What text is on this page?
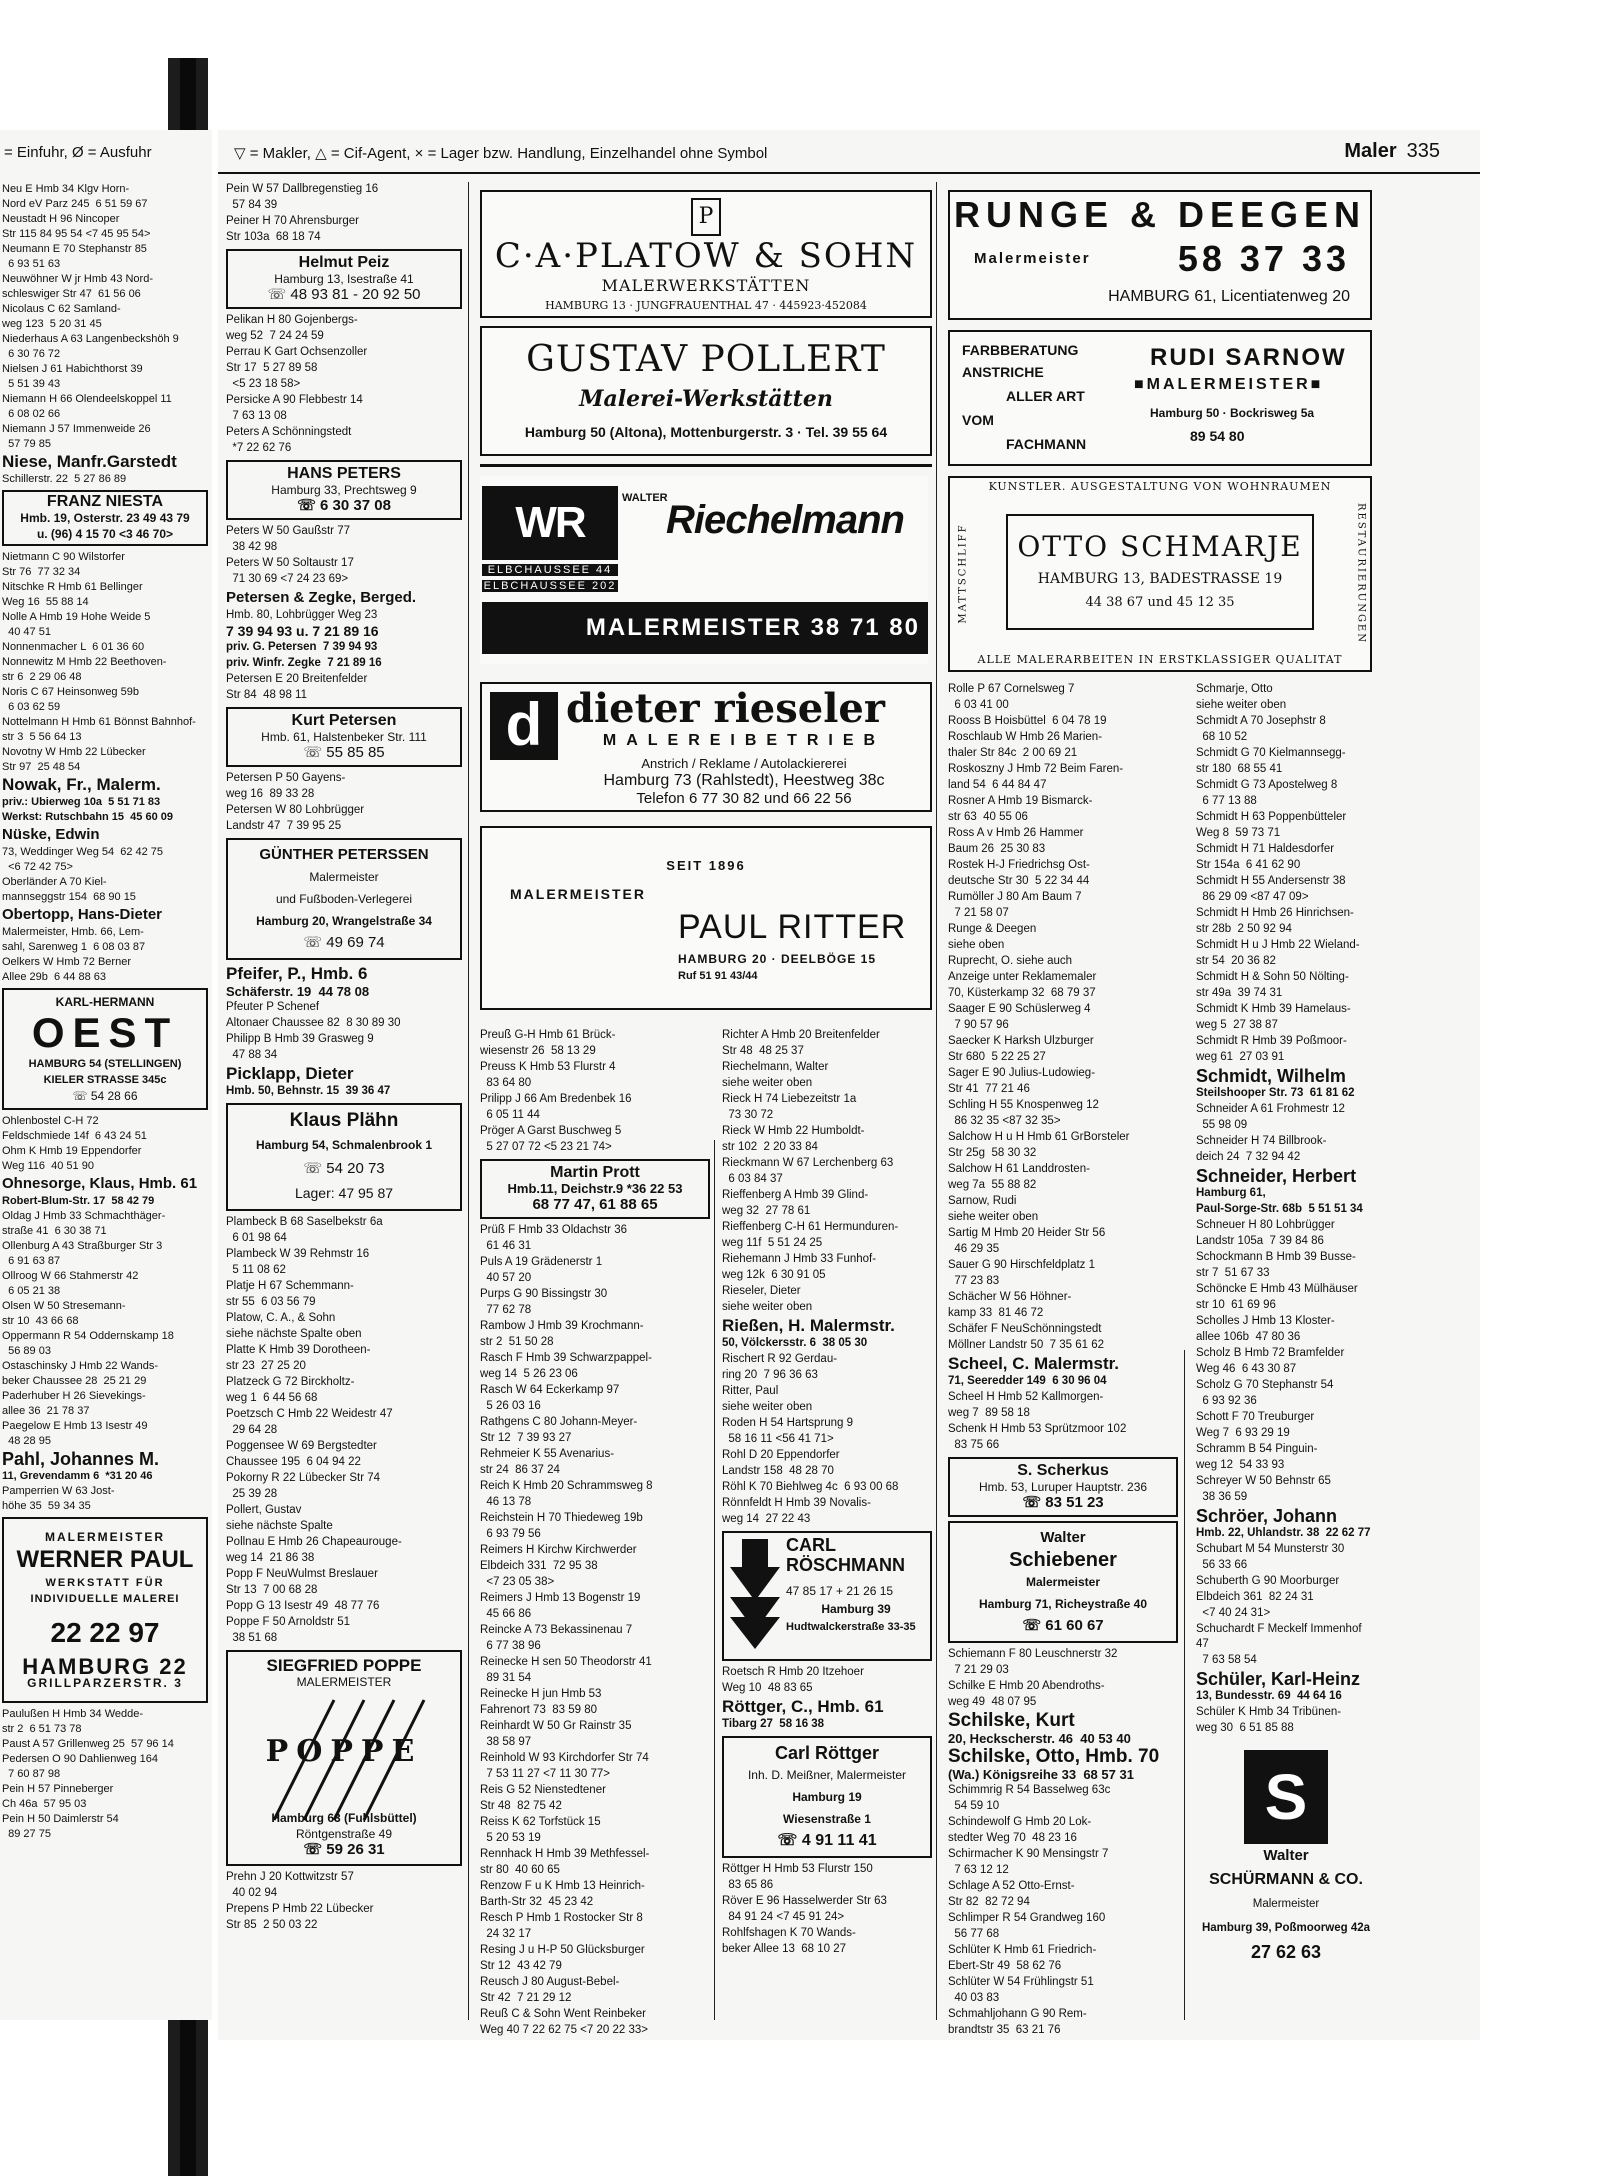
= Einfuhr, Ø = Ausfuhr
Neu E Hmb 34 Klgv Horn-
Nord eV Parz 245  6 51 59 67
Neustadt H 96 Nincoper
Str 115 84 95 54 <7 45 95 54>
Neumann E 70 Stephanstr 85
6 93 51 63
Neuwöhner W jr Hmb 43 Nord-
schleswiger Str 47  61 56 06
Nicolaus C 62 Samland-
weg 123  5 20 31 45
Niederhaus A 63 Langenbeckshöh 9
6 30 76 72
Nielsen J 61 Habichthorst 39
5 51 39 43
Niemann H 66 Olendeelskoppel 11
6 08 02 66
Niemann J 57 Immenweide 26
57 79 85
Niese, Manfr.Garstedt
Schillerstr. 22  5 27 86 89
FRANZ NIESTA
Hmb. 19, Osterstr. 23 49 43 79
u. (96) 4 15 70 <3 46 70>
Nietmann C 90 Wilstorfer
Str 76  77 32 34
Nitschke R Hmb 61 Bellinger
Weg 16  55 88 14
Nolle A Hmb 19 Hohe Weide 5
40 47 51
Nonnenmacher L  6 01 36 60
Nonnewitz M Hmb 22 Beethoven-
str 6  2 29 06 48
Noris C 67 Heinsonweg 59b
6 03 62 59
Nottelmann H Hmb 61 Bönnst Bahnhof-
str 3  5 56 64 13
Novotny W Hmb 22 Lübecker
Str 97  25 48 54
Nowak, Fr., Malerm.
priv.: Ubierweg 10a  5 51 71 83
Werkst: Rutschbahn 15  45 60 09
Nüske, Edwin
73, Weddinger Weg 54  62 42 75
<6 72 42 75>
Oberländer A 70 Kiel-
mannseggstr 154  68 90 15
Obertopp, Hans-Dieter
Malermeister, Hmb. 66, Lem-
sahl, Sarenweg 1  6 08 03 87
Oelkers W Hmb 72 Berner
Allee 29b  6 44 88 63
KARL-HERMANN
OEST
HAMBURG 54 (STELLINGEN)
KIELER STRASSE 345c
☏ 54 28 66
Ohlenbostel C-H 72
Feldschmiede 14f  6 43 24 51
Ohm K Hmb 19 Eppendorfer
Weg 116  40 51 90
Ohnesorge, Klaus, Hmb. 61
Robert-Blum-Str. 17  58 42 79
Oldag J Hmb 33 Schmachthäger-
straße 41  6 30 38 71
Ollenburg A 43 Straßburger Str 3
6 91 63 87
Ollroog W 66 Stahmerstr 42
6 05 21 38
Olsen W 50 Stresemann-
str 10  43 66 68
Oppermann R 54 Oddernskamp 18
56 89 03
Ostaschinsky J Hmb 22 Wands-
beker Chaussee 28  25 21 29
Paderhuber H 26 Sievekings-
allee 36  21 78 37
Paegelow E Hmb 13 Isestr 49
48 28 95
Pahl, Johannes M.
11, Grevendamm 6  *31 20 46
Pamperrien W 63 Jost-
höhe 35  59 34 35
MALERMEISTER
WERNER PAUL
WERKSTATT FÜR
INDIVIDUELLE MALEREI
22 22 97
HAMBURG 22
GRILLPARZERSTR. 3
Paulußen H Hmb 34 Wedde-
str 2  6 51 73 78
Paust A 57 Grillenweg 25  57 96 14
Pedersen O 90 Dahlienweg 164
7 60 87 98
Pein H 57 Pinneberger
Ch 46a  57 95 03
Pein H 50 Daimlerstr 54
89 27 75
▽ = Makler, △ = Cif-Agent, × = Lager bzw. Handlung, Einzelhandel ohne Symbol	Maler 335
Pein W 57 Dallbregenstieg 16
57 84 39
Peiner H 70 Ahrensburger
Str 103a  68 18 74
Helmut Peiz
Hamburg 13, Isestraße 41
☏ 48 93 81 - 20 92 50
Pelikan H 80 Gojenbergs-
weg 52  7 24 24 59
Perrau K Gart Ochsenzoller
Str 17  5 27 89 58
<5 23 18 58>
Persicke A 90 Flebbestr 14
7 63 13 08
Peters A Schönningstedt
*7 22 62 76
HANS PETERS
Hamburg 33, Prechtsweg 9
☏ 6 30 37 08
Peters W 50 Gaußstr 77
38 42 98
Peters W 50 Soltaustr 17
71 30 69 <7 24 23 69>
Petersen & Zegke, Berged.
Hmb. 80, Lohbrügger Weg 23
7 39 94 93 u. 7 21 89 16
priv. G. Petersen  7 39 94 93
priv. Winfr. Zegke  7 21 89 16
Petersen E 20 Breitenfelder
Str 84  48 98 11
Kurt Petersen
Hmb. 61, Halstenbeker Str. 111
☏ 55 85 85
Petersen P 50 Gayens-
weg 16  89 33 28
Petersen W 80 Lohbrügger
Landstr 47  7 39 95 25
GÜNTHER PETERSSEN
Malermeister
und Fußboden-Verlegerei
Hamburg 20, Wrangelstraße 34
☏ 49 69 74
Pfeifer, P., Hmb. 6
Schäferstr. 19  44 78 08
Pfeuter P Schenef
Altonaer Chaussee 82  8 30 89 30
Philipp B Hmb 39 Grasweg 9
47 88 34
Picklapp, Dieter
Hmb. 50, Behnstr. 15  39 36 47
Klaus Plähn
Hamburg 54, Schmalenbrook 1
☏ 54 20 73
Lager: 47 95 87
Plambeck B 68 Saselbekstr 6a
6 01 98 64
Plambeck W 39 Rehmstr 16
5 11 08 62
Platje H 67 Schemmann-
str 55  6 03 56 79
Platow, C. A., & Sohn
siehe nächste Spalte oben
Platte K Hmb 39 Dorotheen-
str 23  27 25 20
Platzeck G 72 Birckholtz-
weg 1  6 44 56 68
Poetzsch C Hmb 22 Weidestr 47
29 64 28
Poggensee W 69 Bergstedter
Chaussee 195  6 04 94 22
Pokorny R 22 Lübecker Str 74
25 39 28
Pollert, Gustav
siehe nächste Spalte
Pollnau E Hmb 26 Chapeaurouge-
weg 14  21 86 38
Popp F NeuWulmst Breslauer
Str 13  7 00 68 28
Popp G 13 Isestr 49  48 77 76
Poppe F 50 Arnoldstr 51
38 51 68
SIEGFRIED POPPE
MALERMEISTER
POPPE
Hamburg 63 (Fuhlsbüttel)
Röntgenstraße 49
☏ 59 26 31
Prehn J 20 Kottwitzstr 57
40 02 94
Prepens P Hmb 22 Lübecker
Str 85  2 50 03 22
P
C·A·PLATOW & SOHN
MALERWERKSTÄTTEN
HAMBURG 13 · JUNGFRAUENTHAL 47 · 445923·452084
GUSTAV POLLERT
Malerei-Werkstätten
Hamburg 50 (Altona), Mottenburgerstr. 3 · Tel. 39 55 64
WR	WALTER
Riechelmann
ELBCHAUSSEE 44
ELBCHAUSSEE 202
MALERMEISTER 38 71 80
d dieter rieseler
MALEREIBETRIEB
Anstrich / Reklame / Autolackiererei
Hamburg 73 (Rahlstedt), Heestweg 38c
Telefon 6 77 30 82 und 66 22 56
SEIT 1896
MALERMEISTER
PAUL RITTER
HAMBURG 20 · DEELBÖGE 15
Ruf 51 91 43/44
Preuß G-H Hmb 61 Brück-
wiesenstr 26  58 13 29
Preuss K Hmb 53 Flurstr 4
83 64 80
Prilipp J 66 Am Bredenbek 16
6 05 11 44
Pröger A Garst Buschweg 5
5 27 07 72 <5 23 21 74>
Martin Prott
Hmb.11, Deichstr.9 *36 22 53
68 77 47, 61 88 65
Prüß F Hmb 33 Oldachstr 36
61 46 31
Puls A 19 Grädenerstr 1
40 57 20
Purps G 90 Bissingstr 30
77 62 78
Rambow J Hmb 39 Krochmann-
str 2  51 50 28
Rasch F Hmb 39 Schwarzpappel-
weg 14  5 26 23 06
Rasch W 64 Eckerkamp 97
5 26 03 16
Rathgens C 80 Johann-Meyer-
Str 12  7 39 93 27
Rehmeier K 55 Avenarius-
str 24  86 37 24
Reich K Hmb 20 Schrammsweg 8
46 13 78
Reichstein H 70 Thiedeweg 19b
6 93 79 56
Reimers H Kirchw Kirchwerder
Elbdeich 331  72 95 38
<7 23 05 38>
Reimers J Hmb 13 Bogenstr 19
45 66 86
Reincke A 73 Bekassinenau 7
6 77 38 96
Reinecke H sen 50 Theodorstr 41
89 31 54
Reinecke H jun Hmb 53
Fahrenort 73  83 59 80
Reinhardt W 50 Gr Rainstr 35
38 58 97
Reinhold W 93 Kirchdorfer Str 74
7 53 11 27 <7 11 30 77>
Reis G 52 Nienstedtener
Str 48  82 75 42
Reiss K 62 Torfstück 15
5 20 53 19
Rennhack H Hmb 39 Methfessel-
str 80  40 60 65
Renzow F u K Hmb 13 Heinrich-
Barth-Str 32  45 23 42
Resch P Hmb 1 Rostocker Str 8
24 32 17
Resing J u H-P 50 Glücksburger
Str 12  43 42 79
Reusch J 80 August-Bebel-
Str 42  7 21 29 12
Reuß C & Sohn Went Reinbeker
Weg 40 7 22 62 75 <7 20 22 33>
Richter A Hmb 20 Breitenfelder
Str 48  48 25 37
Riechelmann, Walter
siehe weiter oben
Rieck H 74 Liebezeitstr 1a
73 30 72
Rieck W Hmb 22 Humboldt-
str 102  2 20 33 84
Rieckmann W 67 Lerchenberg 63
6 03 84 37
Rieffenberg A Hmb 39 Glind-
weg 32  27 78 61
Rieffenberg C-H 61 Hermunduren-
weg 11f  5 51 24 25
Riehemann J Hmb 33 Funhof-
weg 12k  6 30 91 05
Rieseler, Dieter
siehe weiter oben
Rießen, H. Malermstr.
50, Völckersstr. 6  38 05 30
Rischert R 92 Gerdau-
ring 20  7 96 36 63
Ritter, Paul
siehe weiter oben
Roden H 54 Hartsprung 9
58 16 11 <56 41 71>
Rohl D 20 Eppendorfer
Landstr 158  48 28 70
Röhl K 70 Biehlweg 4c  6 93 00 68
Rönnfeldt H Hmb 39 Novalis-
weg 14  27 22 43
CARL
RÖSCHMANN
47 85 17 + 21 26 15
Hamburg 39
Hudtwalckerstraße 33-35
Roetsch R Hmb 20 Itzehoer
Weg 10  48 83 65
Röttger, C., Hmb. 61
Tibarg 27  58 16 38
Carl Röttger
Inh. D. Meißner, Malermeister
Hamburg 19
Wiesenstraße 1
☏ 4 91 11 41
Röttger H Hmb 53 Flurstr 150
83 65 86
Röver E 96 Hasselwerder Str 63
84 91 24 <7 45 91 24>
Rohlfshagen K 70 Wands-
beker Allee 13  68 10 27
RUNGE & DEEGEN
Malermeister 58 37 33
HAMBURG 61, Licentiatenweg 20
FARBBERATUNG
ANSTRICHE
ALLER ART
VOM
FACHMANN
RUDI SARNOW
■MALERMEISTER■
Hamburg 50 · Bockrisweg 5a
89 54 80
KUNSTLER. AUSGESTALTUNG VON WOHNRAUMEN
MATTSCHLIFF	RESTAURIERUNGEN
OTTO SCHMARJE
HAMBURG 13, BADESTRASSE 19
44 38 67 und 45 12 35
ALLE MALERARBEITEN IN ERSTKLASSIGER QUALITAT
Rolle P 67 Cornelsweg 7
6 03 41 00
Rooss B Hoisbüttel  6 04 78 19
Roschlaub W Hmb 26 Marien-
thaler Str 84c  2 00 69 21
Roskoszny J Hmb 72 Beim Faren-
land 54  6 44 84 47
Rosner A Hmb 19 Bismarck-
str 63  40 55 06
Ross A v Hmb 26 Hammer
Baum 26  25 30 83
Rostek H-J Friedrichsg Ost-
deutsche Str 30  5 22 34 44
Rumöller J 80 Am Baum 7
7 21 58 07
Runge & Deegen
siehe oben
Ruprecht, O. siehe auch
Anzeige unter Reklamemaler
70, Küsterkamp 32  68 79 37
Saager E 90 Schüslerweg 4
7 90 57 96
Saecker K Harksh Ulzburger
Str 680  5 22 25 27
Sager E 90 Julius-Ludowieg-
Str 41  77 21 46
Schling H 55 Knospenweg 12
86 32 35 <87 32 35>
Salchow H u H Hmb 61 GrBorsteler
Str 25g  58 30 32
Salchow H 61 Landdrosten-
weg 7a  55 88 82
Sarnow, Rudi
siehe weiter oben
Sartig M Hmb 20 Heider Str 56
46 29 35
Sauer G 90 Hirschfeldplatz 1
77 23 83
Schächer W 56 Höhner-
kamp 33  81 46 72
Schäfer F NeuSchönningstedt
Möllner Landstr 50  7 35 61 62
Scheel, C. Malermstr.
71, Seeredder 149  6 30 96 04
Scheel H Hmb 52 Kallmorgen-
weg 7  89 58 18
Schenk H Hmb 53 Sprützmoor 102
83 75 66
S. Scherkus
Hmb. 53, Luruper Hauptstr. 236
☏ 83 51 23
Walter
Schiebener
Malermeister
Hamburg 71, Richeystraße 40
☏ 61 60 67
Schiemann F 80 Leuschnerstr 32
7 21 29 03
Schilke E Hmb 20 Abendroths-
weg 49  48 07 95
Schilske, Kurt
20, Heckscherstr. 46  40 53 40
Schilske, Otto, Hmb. 70
(Wa.) Königsreihe 33  68 57 31
Schimmrig R 54 Basselweg 63c
54 59 10
Schindewolf G Hmb 20 Lok-
stedter Weg 70  48 23 16
Schirmacher K 90 Mensingstr 7
7 63 12 12
Schlage A 52 Otto-Ernst-
Str 82  82 72 94
Schlimper R 54 Grandweg 160
56 77 68
Schlüter K Hmb 61 Friedrich-
Ebert-Str 49  58 62 76
Schlüter W 54 Frühlingstr 51
40 03 83
Schmahljohann G 90 Rem-
brandtstr 35  63 21 76
Schmarje, Otto
siehe weiter oben
Schmidt A 70 Josephstr 8
68 10 52
Schmidt G 70 Kielmannsegg-
str 180  68 55 41
Schmidt G 73 Apostelweg 8
6 77 13 88
Schmidt H 63 Poppenbütteler
Weg 8  59 73 71
Schmidt H 71 Haldesdorfer
Str 154a  6 41 62 90
Schmidt H 55 Andersenstr 38
86 29 09 <87 47 09>
Schmidt H Hmb 26 Hinrichsen-
str 28b  2 50 92 94
Schmidt H u J Hmb 22 Wieland-
str 54  20 36 82
Schmidt H & Sohn 50 Nölting-
str 49a  39 74 31
Schmidt K Hmb 39 Hamelaus-
weg 5  27 38 87
Schmidt R Hmb 39 Poßmoor-
weg 61  27 03 91
Schmidt, Wilhelm
Steilshooper Str. 73  61 81 62
Schneider A 61 Frohmestr 12
55 98 09
Schneider H 74 Billbrook-
deich 24  7 32 94 42
Schneider, Herbert
Hamburg 61,
Paul-Sorge-Str. 68b  5 51 51 34
Schneuer H 80 Lohbrügger
Landstr 105a  7 39 84 86
Schockmann B Hmb 39 Busse-
str 7  51 67 33
Schöncke E Hmb 43 Mülhäuser
str 10  61 69 96
Scholles J Hmb 13 Kloster-
allee 106b  47 80 36
Scholz B Hmb 72 Bramfelder
Weg 46  6 43 30 87
Scholz G 70 Stephanstr 54
6 93 92 36
Schott F 70 Treuburger
Weg 7  6 93 29 19
Schramm B 54 Pinguin-
weg 12  54 33 93
Schreyer W 50 Behnstr 65
38 36 59
Schröer, Johann
Hmb. 22, Uhlandstr. 38  22 62 77
Schubart M 54 Munsterstr 30
56 33 66
Schuberth G 90 Moorburger
Elbdeich 361  82 24 31
<7 40 24 31>
Schuchardt F Meckelf Immenhof 47
7 63 58 54
Schüler, Karl-Heinz
13, Bundesstr. 69  44 64 16
Schüler K Hmb 34 Tribünen-
weg 30  6 51 85 88
S
Walter
SCHÜRMANN & CO.
Malermeister
Hamburg 39, Poßmoorweg 42a
27 62 63
